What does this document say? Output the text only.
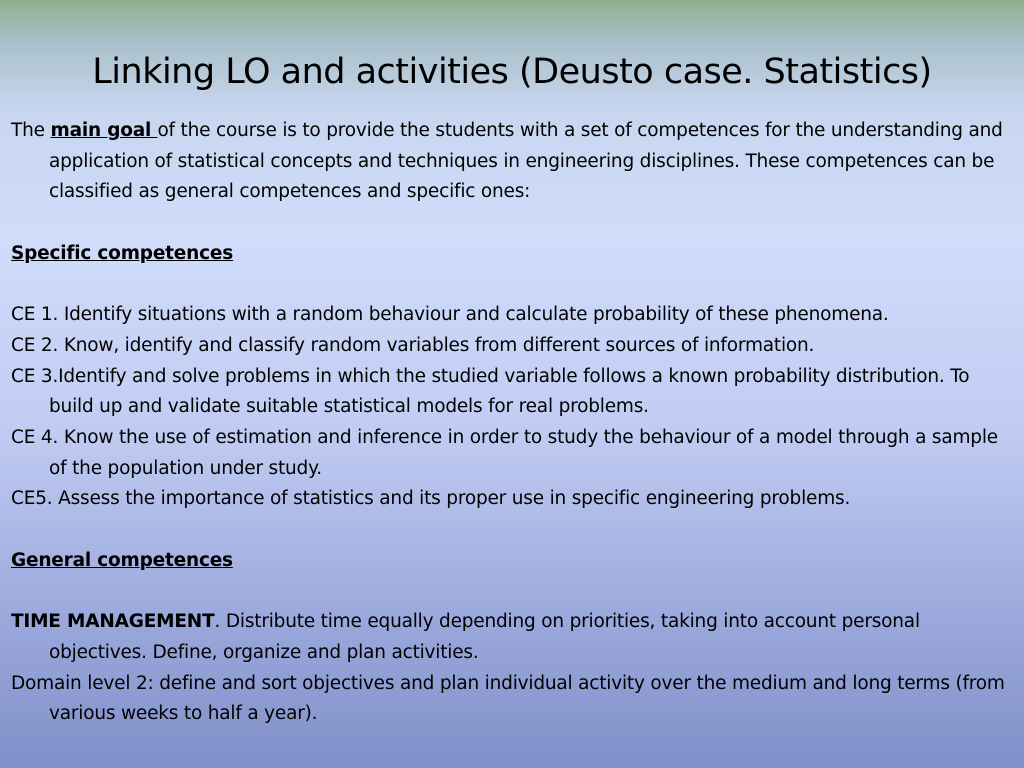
Linking LO and activities (Deusto case. Statistics)

The main goal of the course is to provide the students with a set of competences for the understanding and application of statistical concepts and techniques in engineering disciplines. These competences can be classified as general competences and specific ones:

Specific competences

CE 1. Identify situations with a random behaviour and calculate probability of these phenomena.

CE 2. Know, identify and classify random variables from different sources of information.

CE 3.Identify and solve problems in which the studied variable follows a known probability distribution. To build up and validate suitable statistical models for real problems.

CE 4. Know the use of estimation and inference in order to study the behaviour of a model through a sample of the population under study.

CE5. Assess the importance of statistics and its proper use in specific engineering problems.

General competences

TIME MANAGEMENT. Distribute time equally depending on priorities, taking into account personal objectives. Define, organize and plan activities.

Domain level 2: define and sort objectives and plan individual activity over the medium and long terms (from various weeks to half a year).
